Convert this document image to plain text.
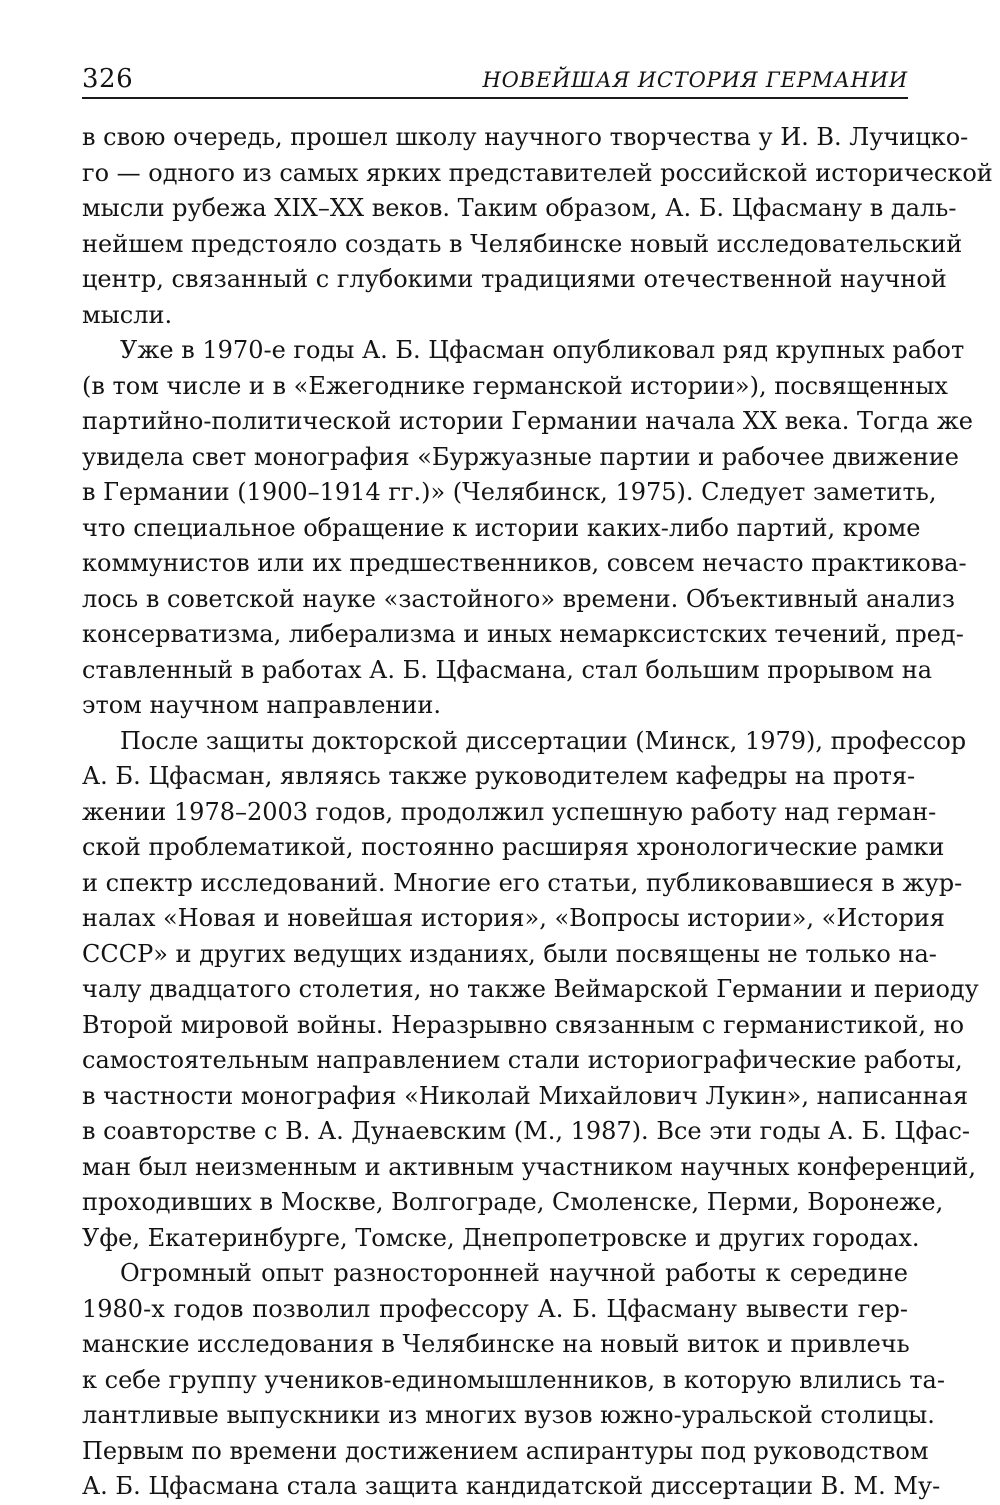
326	НОВЕЙШАЯ ИСТОРИЯ ГЕРМАНИИ
в свою очередь, прошел школу научного творчества у И. В. Лучицко-
го — одного из самых ярких представителей российской исторической
мысли рубежа XIX–XX веков. Таким образом, А. Б. Цфасману в даль-
нейшем предстояло создать в Челябинске новый исследовательский
центр, связанный с глубокими традициями отечественной научной
мысли.
Уже в 1970-е годы А. Б. Цфасман опубликовал ряд крупных работ
(в том числе и в «Ежегоднике германской истории»), посвященных
партийно-политической истории Германии начала XX века. Тогда же
увидела свет монография «Буржуазные партии и рабочее движение
в Германии (1900–1914 гг.)» (Челябинск, 1975). Следует заметить,
что специальное обращение к истории каких-либо партий, кроме
коммунистов или их предшественников, совсем нечасто практикова-
лось в советской науке «застойного» времени. Объективный анализ
консерватизма, либерализма и иных немарксистских течений, пред-
ставленный в работах А. Б. Цфасмана, стал большим прорывом на
этом научном направлении.
После защиты докторской диссертации (Минск, 1979), профессор
А. Б. Цфасман, являясь также руководителем кафедры на протя-
жении 1978–2003 годов, продолжил успешную работу над герман-
ской проблематикой, постоянно расширяя хронологические рамки
и спектр исследований. Многие его статьи, публиковавшиеся в жур-
налах «Новая и новейшая история», «Вопросы истории», «История
СССР» и других ведущих изданиях, были посвящены не только на-
чалу двадцатого столетия, но также Веймарской Германии и периоду
Второй мировой войны. Неразрывно связанным с германистикой, но
самостоятельным направлением стали историографические работы,
в частности монография «Николай Михайлович Лукин», написанная
в соавторстве с В. А. Дунаевским (М., 1987). Все эти годы А. Б. Цфас-
ман был неизменным и активным участником научных конференций,
проходивших в Москве, Волгограде, Смоленске, Перми, Воронеже,
Уфе, Екатеринбурге, Томске, Днепропетровске и других городах.
Огромный опыт разносторонней научной работы к середине
1980-х годов позволил профессору А. Б. Цфасману вывести гер-
манские исследования в Челябинске на новый виток и привлечь
к себе группу учеников-единомышленников, в которую влились та-
лантливые выпускники из многих вузов южно-уральской столицы.
Первым по времени достижением аспирантуры под руководством
А. Б. Цфасмана стала защита кандидатской диссертации В. М. Му-
